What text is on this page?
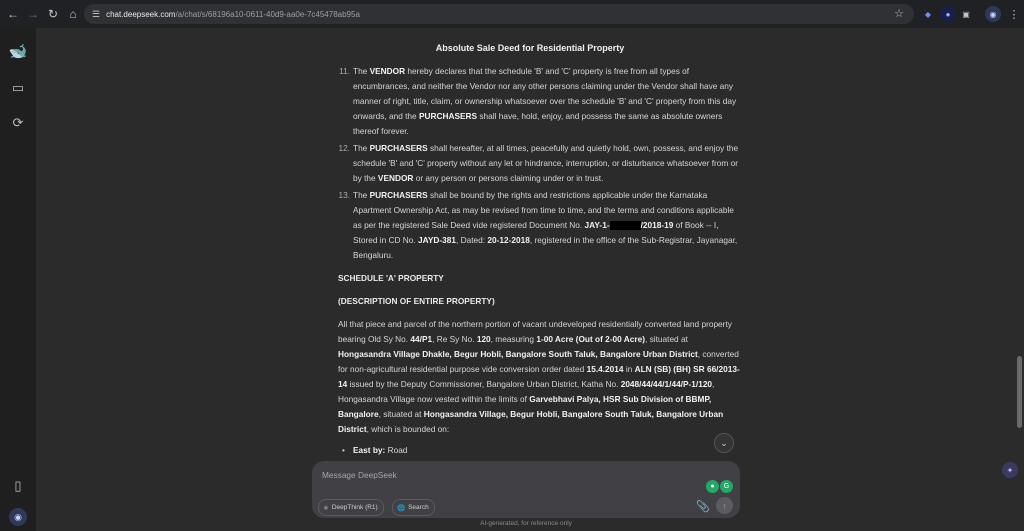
← → ↻ ⌂	☰ chat.deepseek.com /a/chat/s/68196a10-0611-40d9-aa0e-7c45478ab95a	☆	◆	●	▣	◉	⋮
🐋
▭
⟳
▯
◉
Absolute Sale Deed for Residential Property
11. The VENDOR hereby declares that the schedule 'B' and 'C' property is free from all types of encumbrances, and neither the Vendor nor any other persons claiming under the Vendor shall have any manner of right, title, claim, or ownership whatsoever over the schedule 'B' and 'C' property from this day onwards, and the PURCHASERS shall have, hold, enjoy, and possess the same as absolute owners thereof forever.
12. The PURCHASERS shall hereafter, at all times, peacefully and quietly hold, own, possess, and enjoy the schedule 'B' and 'C' property without any let or hindrance, interruption, or disturbance whatsoever from or by the VENDOR or any person or persons claiming under or in trust.
13. The PURCHASERS shall be bound by the rights and restrictions applicable under the Karnataka Apartment Ownership Act, as may be revised from time to time, and the terms and conditions applicable as per the registered Sale Deed vide registered Document No. JAY-1-	/2018-19 of Book -- I, Stored in CD No. JAYD-381, Dated: 20-12-2018, registered in the office of the Sub-Registrar, Jayanagar, Bengaluru.
SCHEDULE 'A' PROPERTY
(DESCRIPTION OF ENTIRE PROPERTY)
All that piece and parcel of the northern portion of vacant undeveloped residentially converted land property bearing Old Sy No. 44/P1, Re Sy No. 120, measuring 1-00 Acre (Out of 2-00 Acre), situated at Hongasandra Village Dhakle, Begur Hobli, Bangalore South Taluk, Bangalore Urban District, converted for non-agricultural residential purpose vide conversion order dated 15.4.2014 in ALN (SB) (BH) SR 66/2013-14 issued by the Deputy Commissioner, Bangalore Urban District, Katha No. 2048/44/44/1/44/P-1/120, Hongasandra Village now vested within the limits of Garvebhavi Palya, HSR Sub Division of BBMP, Bangalore, situated at Hongasandra Village, Begur Hobli, Bangalore South Taluk, Bangalore Urban District, which is bounded on:
• East by: Road
⌄
Message DeepSeek
●	G
⚛ DeepThink (R1)	🌐 Search	📎 ↑
AI-generated, for reference only
✦
